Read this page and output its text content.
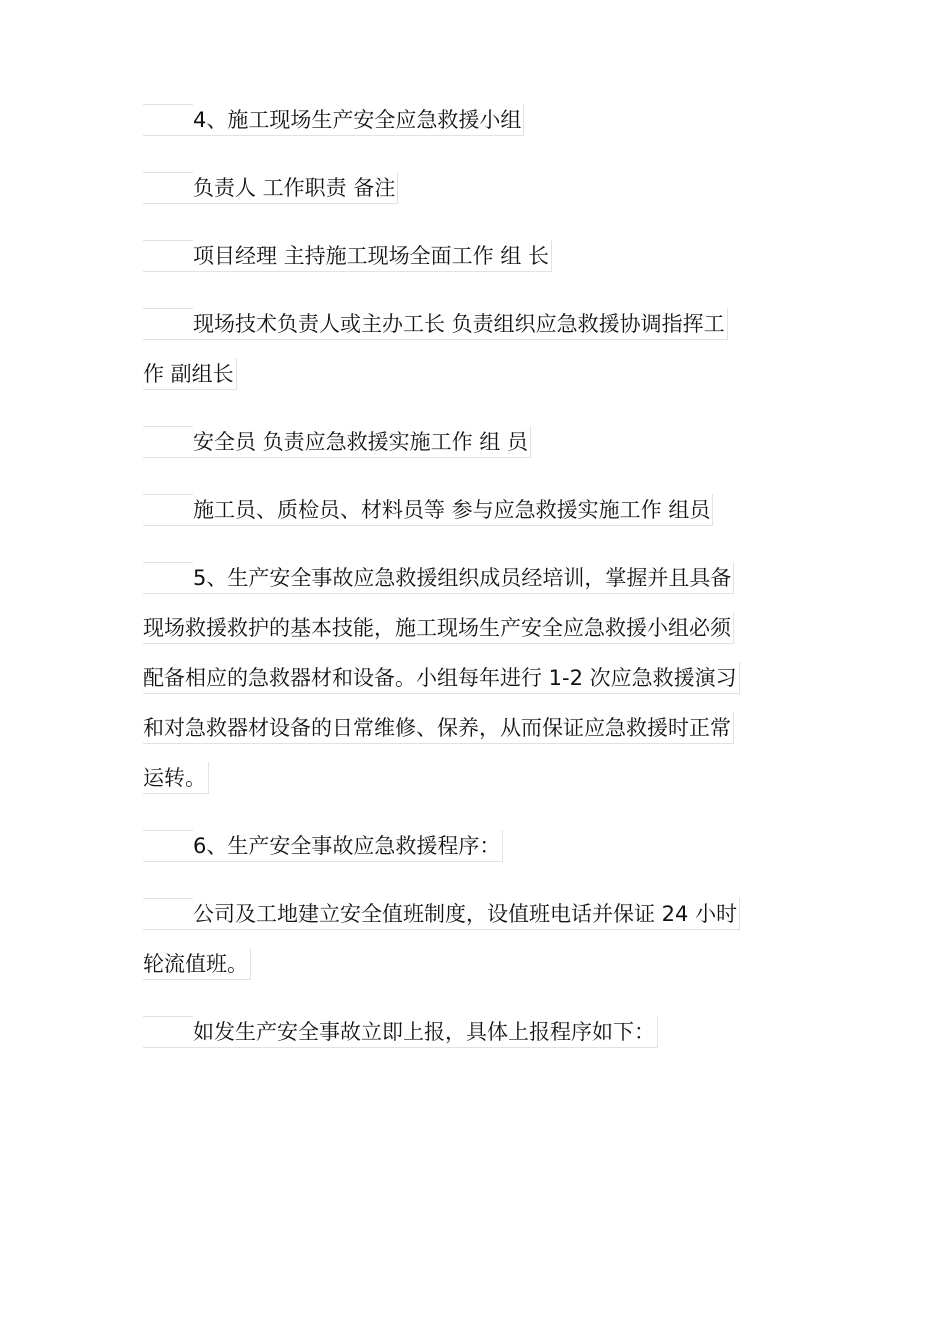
4、施工现场生产安全应急救援小组
负责人 工作职责 备注
项目经理 主持施工现场全面工作 组 长
现场技术负责人或主办工长 负责组织应急救援协调指挥工
作 副组长
安全员 负责应急救援实施工作 组 员
施工员、质检员、材料员等 参与应急救援实施工作 组员
5、生产安全事故应急救援组织成员经培训，掌握并且具备
现场救援救护的基本技能，施工现场生产安全应急救援小组必须
配备相应的急救器材和设备。小组每年进行 1-2 次应急救援演习
和对急救器材设备的日常维修、保养，从而保证应急救援时正常
运转。
6、生产安全事故应急救援程序：
公司及工地建立安全值班制度，设值班电话并保证 24 小时
轮流值班。
如发生产安全事故立即上报，具体上报程序如下：
